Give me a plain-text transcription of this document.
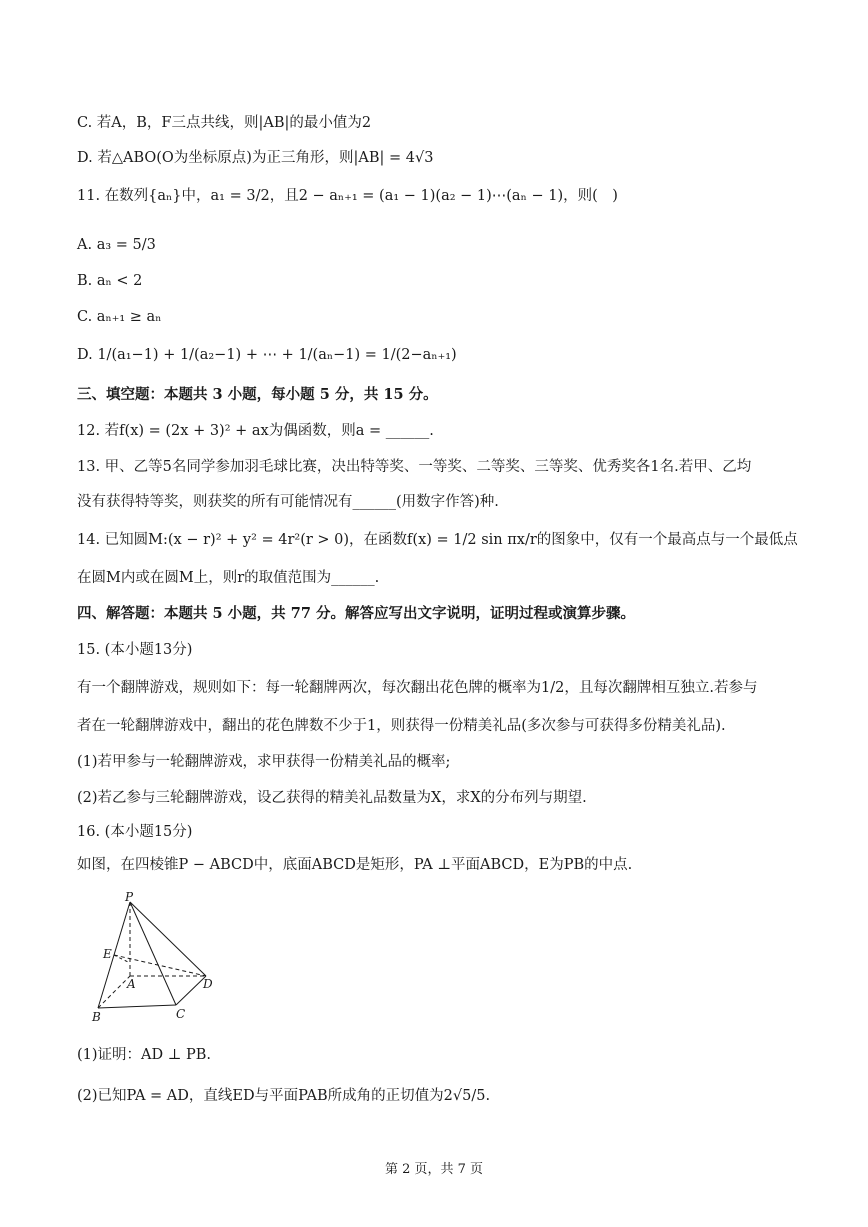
C. 若A，B，F三点共线，则|AB|的最小值为2
D. 若△ABO(O为坐标原点)为正三角形，则|AB| = 4√3
11. 在数列{aₙ}中，a₁ = 3/2，且2 − aₙ₊₁ = (a₁ − 1)(a₂ − 1)⋯(aₙ − 1)，则(　)
A. a₃ = 5/3
B. aₙ < 2
C. aₙ₊₁ ≥ aₙ
D. 1/(a₁−1) + 1/(a₂−1) + ⋯ + 1/(aₙ−1) = 1/(2−aₙ₊₁)
三、填空题：本题共 3 小题，每小题 5 分，共 15 分。
12. 若f(x) = (2x + 3)² + ax为偶函数，则a = ______.
13. 甲、乙等5名同学参加羽毛球比赛，决出特等奖、一等奖、二等奖、三等奖、优秀奖各1名.若甲、乙均
没有获得特等奖，则获奖的所有可能情况有______(用数字作答)种.
14. 已知圆M:(x − r)² + y² = 4r²(r > 0)，在函数f(x) = 1/2 sin πx/r的图象中，仅有一个最高点与一个最低点
在圆M内或在圆M上，则r的取值范围为______.
四、解答题：本题共 5 小题，共 77 分。解答应写出文字说明，证明过程或演算步骤。
15. (本小题13分)
有一个翻牌游戏，规则如下：每一轮翻牌两次，每次翻出花色牌的概率为1/2，且每次翻牌相互独立.若参与
者在一轮翻牌游戏中，翻出的花色牌数不少于1，则获得一份精美礼品(多次参与可获得多份精美礼品).
(1)若甲参与一轮翻牌游戏，求甲获得一份精美礼品的概率;
(2)若乙参与三轮翻牌游戏，设乙获得的精美礼品数量为X，求X的分布列与期望.
16. (本小题15分)
如图，在四棱锥P − ABCD中，底面ABCD是矩形，PA ⊥平面ABCD，E为PB的中点.
P
E
A	D
B	C
(1)证明：AD ⊥ PB.
(2)已知PA = AD，直线ED与平面PAB所成角的正切值为2√5/5.
第 2 页，共 7 页
